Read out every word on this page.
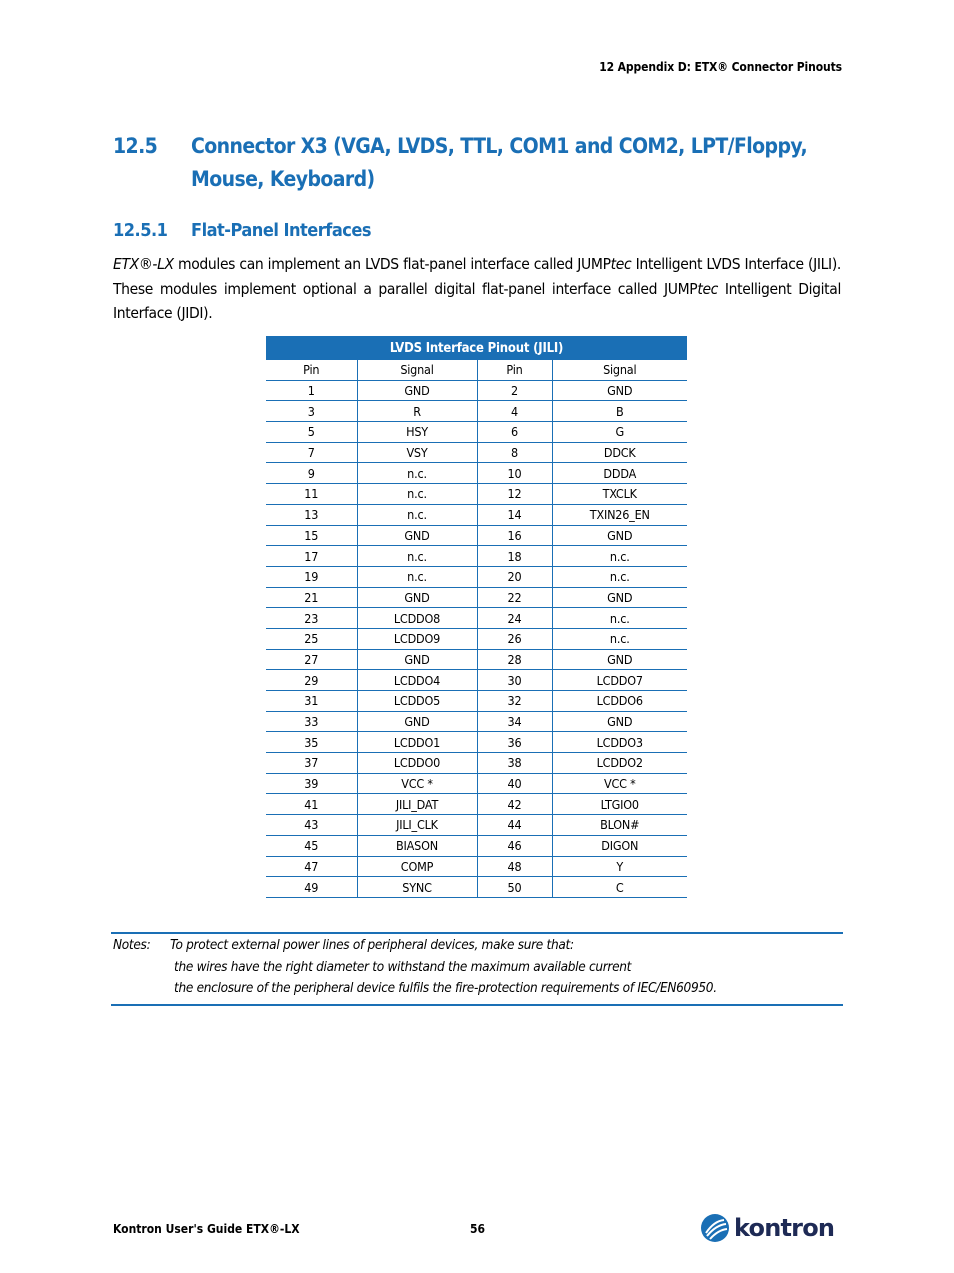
12 Appendix D: ETX® Connector Pinouts
12.5 Connector X3 (VGA, LVDS, TTL, COM1 and COM2, LPT/Floppy, Mouse, Keyboard)
12.5.1 Flat-Panel Interfaces
ETX®-LX modules can implement an LVDS flat-panel interface called JUMPtec Intelligent LVDS Interface (JILI). These modules implement optional a parallel digital flat-panel interface called JUMPtec Intelligent Digital Interface (JIDI).
LVDS Interface Pinout (JILI)			
Pin	Signal	Pin	Signal
1	GND	2	GND
3	R	4	B
5	HSY	6	G
7	VSY	8	DDCK
9	n.c.	10	DDDA
11	n.c.	12	TXCLK
13	n.c.	14	TXIN26_EN
15	GND	16	GND
17	n.c.	18	n.c.
19	n.c.	20	n.c.
21	GND	22	GND
23	LCDDO8	24	n.c.
25	LCDDO9	26	n.c.
27	GND	28	GND
29	LCDDO4	30	LCDDO7
31	LCDDO5	32	LCDDO6
33	GND	34	GND
35	LCDDO1	36	LCDDO3
37	LCDDO0	38	LCDDO2
39	VCC *	40	VCC *
41	JILI_DAT	42	LTGIO0
43	JILI_CLK	44	BLON#
45	BIASON	46	DIGON
47	COMP	48	Y
49	SYNC	50	C
Notes: To protect external power lines of peripheral devices, make sure that:
the wires have the right diameter to withstand the maximum available current
the enclosure of the peripheral device fulfils the fire-protection requirements of IEC/EN60950.
Kontron User's Guide ETX®-LX	56	kontron
